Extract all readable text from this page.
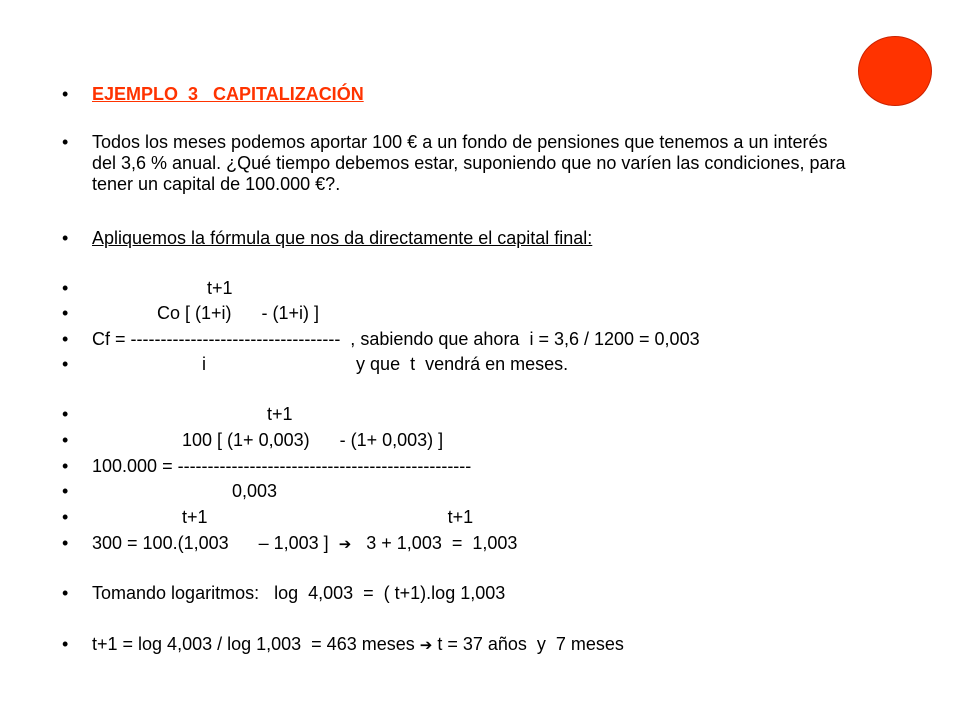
•

EJEMPLO  3   CAPITALIZACIÓN

•

Todos los meses podemos aportar 100 € a un fondo de pensiones que tenemos a un interés del 3,6 % anual. ¿Qué tiempo debemos estar, suponiendo que no varíen las condiciones, para tener un capital de 100.000 €?.

•

Apliquemos la fórmula que nos da directamente el capital final:

•

t+1

•

Co [ (1+i)      - (1+i) ]

•

Cf = -----------------------------------  , sabiendo que ahora  i = 3,6 / 1200 = 0,003

•

i                              y que  t  vendrá en meses.

•

t+1

•

100 [ (1+ 0,003)      - (1+ 0,003) ]

•

100.000 = -------------------------------------------------

•

0,003

•

t+1                                                t+1

•

300 = 100.(1,003      – 1,003 ]  ➔   3 + 1,003  =  1,003

•

Tomando logaritmos:   log  4,003  =  ( t+1).log 1,003

•

t+1 = log 4,003 / log 1,003  = 463 meses ➔ t = 37 años  y  7 meses
